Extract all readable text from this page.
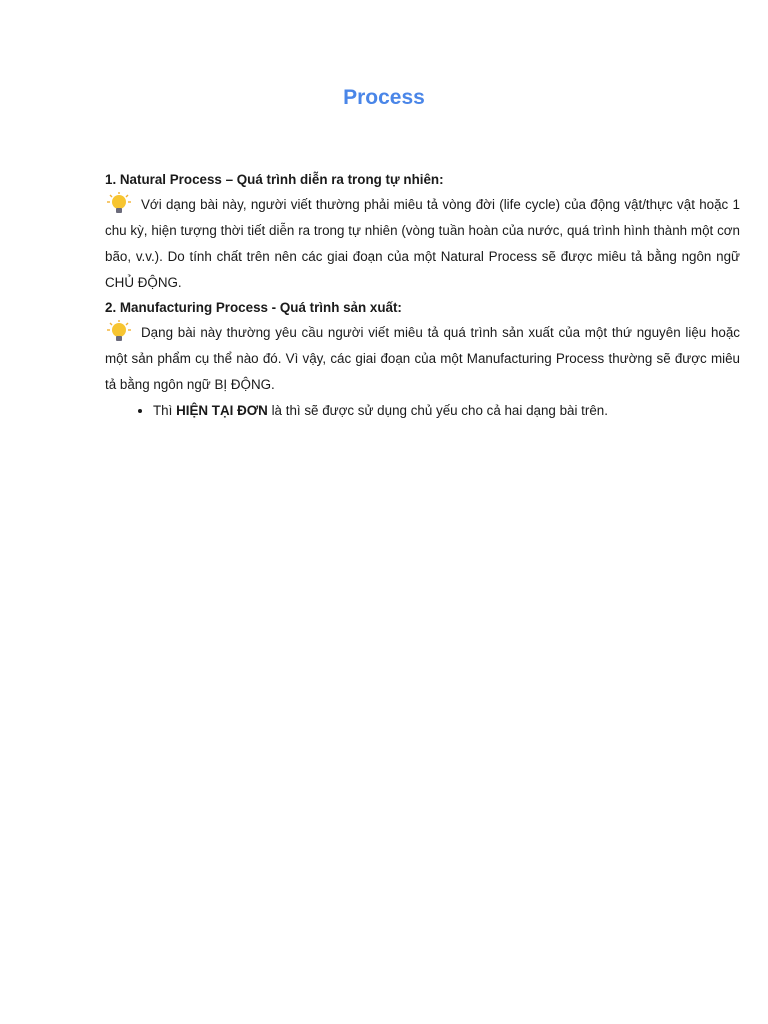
Process

1. Natural Process – Quá trình diễn ra trong tự nhiên:

Với dạng bài này, người viết thường phải miêu tả vòng đời (life cycle) của động vật/thực vật hoặc 1 chu kỳ, hiện tượng thời tiết diễn ra trong tự nhiên (vòng tuần hoàn của nước, quá trình hình thành một cơn bão, v.v.). Do tính chất trên nên các giai đoạn của một Natural Process sẽ được miêu tả bằng ngôn ngữ CHỦ ĐỘNG.

2. Manufacturing Process - Quá trình sản xuất:

Dạng bài này thường yêu cầu người viết miêu tả quá trình sản xuất của một thứ nguyên liệu hoặc một sản phẩm cụ thể nào đó. Vì vậy, các giai đoạn của một Manufacturing Process thường sẽ được miêu tả bằng ngôn ngữ BỊ ĐỘNG.

• Thì HIỆN TẠI ĐƠN là thì sẽ được sử dụng chủ yếu cho cả hai dạng bài trên.
